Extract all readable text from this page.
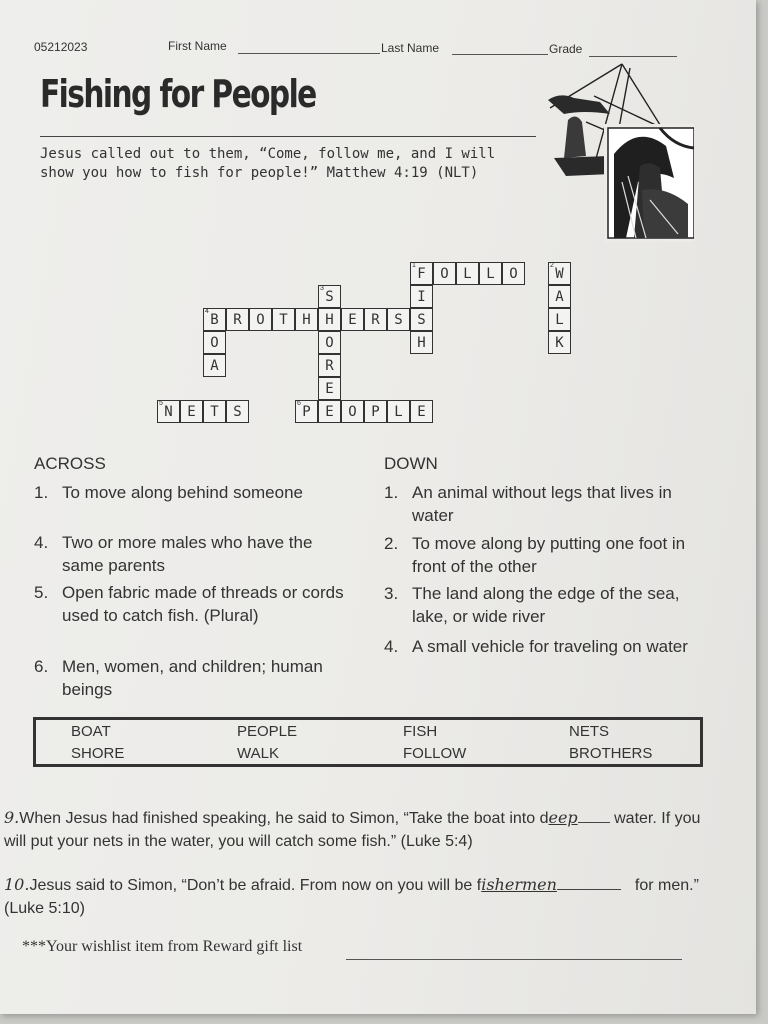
05212023	First Name	Last Name	Grade
Fishing for People
Jesus called out to them, “Come, follow me, and I will show you how to fish for people!” Matthew 4:19 (NLT)
1
F	O	L	L	O
2
W
I
S
H
A
L
K
3
S
H
O
R
E
4
B	R	O	T	E	R
H	S
O
A
5
N	E	T	S
6
P	E	O	P	L	E
ACROSS	DOWN
1. To move along behind someone
4. Two or more males who have the same parents
5. Open fabric made of threads or cords used to catch fish. (Plural)
6. Men, women, and children; human beings
1. An animal without legs that lives in water
2. To move along by putting one foot in front of the other
3. The land along the edge of the sea, lake, or wide river
4. A small vehicle for traveling on water
BOAT	PEOPLE	FISH	NETS
SHORE	WALK	FOLLOW	BROTHERS
9.When Jesus had finished speaking, he said to Simon, “Take the boat into deep water. If you will put your nets in the water, you will catch some fish.” (Luke 5:4)
10.Jesus said to Simon, “Don’t be afraid. From now on you will be fishermen	for men.” (Luke 5:10)
***Your wishlist item from Reward gift list
